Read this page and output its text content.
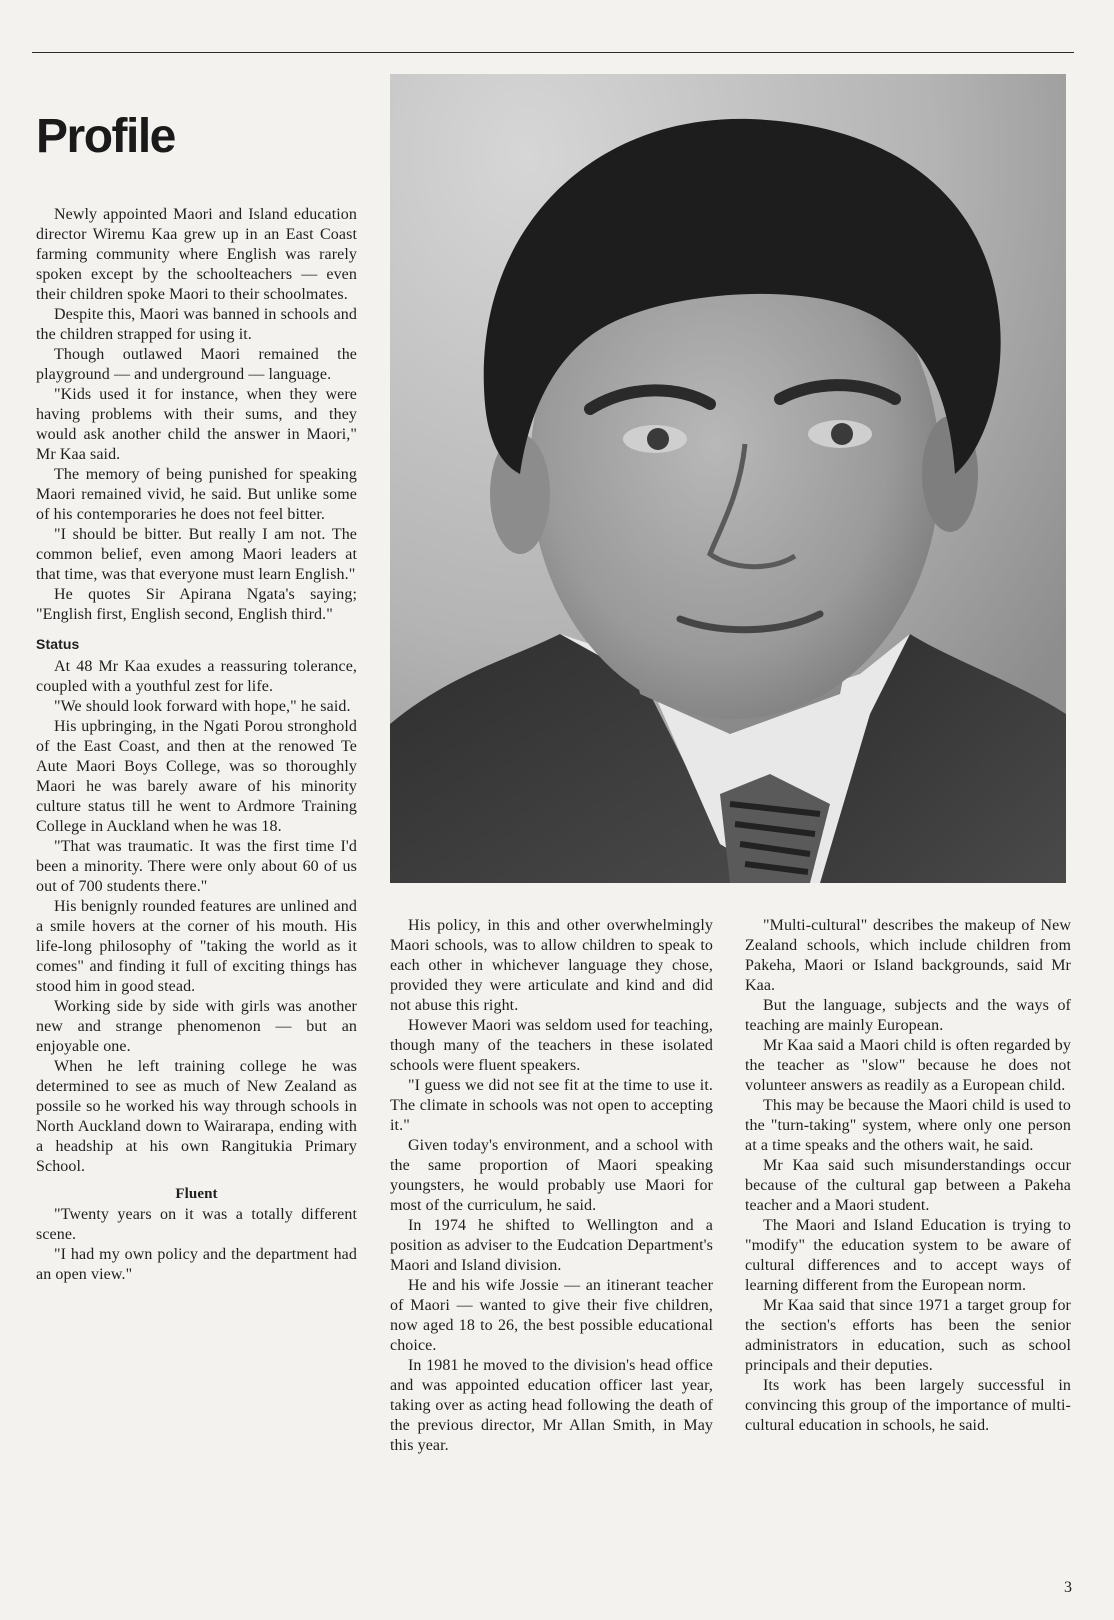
Profile

Newly appointed Maori and Island education director Wiremu Kaa grew up in an East Coast farming community where English was rarely spoken except by the schoolteachers — even their children spoke Maori to their schoolmates.

Despite this, Maori was banned in schools and the children strapped for using it.

Though outlawed Maori remained the playground — and underground — language.

"Kids used it for instance, when they were having problems with their sums, and they would ask another child the answer in Maori," Mr Kaa said.

The memory of being punished for speaking Maori remained vivid, he said. But unlike some of his contemporaries he does not feel bitter.

"I should be bitter. But really I am not. The common belief, even among Maori leaders at that time, was that everyone must learn English."

He quotes Sir Apirana Ngata's saying; "English first, English second, English third."

Status

At 48 Mr Kaa exudes a reassuring tolerance, coupled with a youthful zest for life.

"We should look forward with hope," he said.

His upbringing, in the Ngati Porou stronghold of the East Coast, and then at the renowed Te Aute Maori Boys College, was so thoroughly Maori he was barely aware of his minority culture status till he went to Ardmore Training College in Auckland when he was 18.

"That was traumatic. It was the first time I'd been a minority. There were only about 60 of us out of 700 students there."

His benignly rounded features are unlined and a smile hovers at the corner of his mouth. His life-long philosophy of "taking the world as it comes" and finding it full of exciting things has stood him in good stead.

Working side by side with girls was another new and strange phenomenon — but an enjoyable one.

When he left training college he was determined to see as much of New Zealand as possile so he worked his way through schools in North Auckland down to Wairarapa, ending with a headship at his own Rangitukia Primary School.

Fluent

"Twenty years on it was a totally different scene.

"I had my own policy and the department had an open view."

His policy, in this and other overwhelmingly Maori schools, was to allow children to speak to each other in whichever language they chose, provided they were articulate and kind and did not abuse this right.

However Maori was seldom used for teaching, though many of the teachers in these isolated schools were fluent speakers.

"I guess we did not see fit at the time to use it. The climate in schools was not open to accepting it."

Given today's environment, and a school with the same proportion of Maori speaking youngsters, he would probably use Maori for most of the curriculum, he said.

In 1974 he shifted to Wellington and a position as adviser to the Eudcation Department's Maori and Island division.

He and his wife Jossie — an itinerant teacher of Maori — wanted to give their five children, now aged 18 to 26, the best possible educational choice.

In 1981 he moved to the division's head office and was appointed education officer last year, taking over as acting head following the death of the previous director, Mr Allan Smith, in May this year.

"Multi-cultural" describes the makeup of New Zealand schools, which include children from Pakeha, Maori or Island backgrounds, said Mr Kaa.

But the language, subjects and the ways of teaching are mainly European.

Mr Kaa said a Maori child is often regarded by the teacher as "slow" because he does not volunteer answers as readily as a European child.

This may be because the Maori child is used to the "turn-taking" system, where only one person at a time speaks and the others wait, he said.

Mr Kaa said such misunderstandings occur because of the cultural gap between a Pakeha teacher and a Maori student.

The Maori and Island Education is trying to "modify" the education system to be aware of cultural differences and to accept ways of learning different from the European norm.

Mr Kaa said that since 1971 a target group for the section's efforts has been the senior administrators in education, such as school principals and their deputies.

Its work has been largely successful in convincing this group of the importance of multi-cultural education in schools, he said.

3
